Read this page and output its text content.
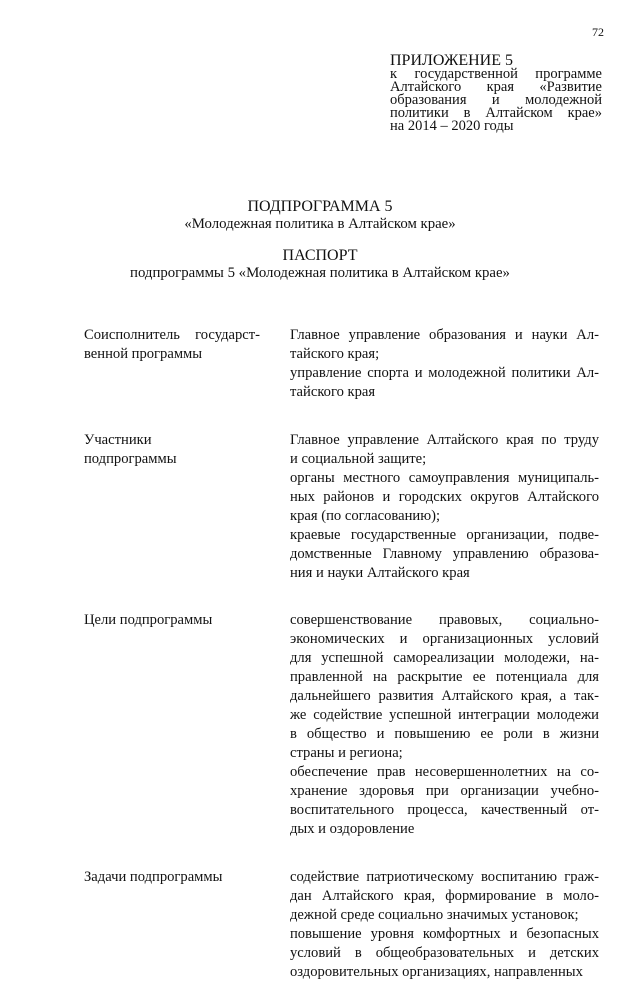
72
ПРИЛОЖЕНИЕ 5
к государственной программе
Алтайского края «Развитие
образования и молодежной
политики в Алтайском крае»
на 2014 – 2020 годы
ПОДПРОГРАММА 5
«Молодежная политика в Алтайском крае»
ПАСПОРТ
подпрограммы 5 «Молодежная политика в Алтайском крае»
Соисполнитель государст-
венной программы
Главное управление образования и науки Ал-
тайского края;
управление спорта и молодежной политики Ал-
тайского края
Участники
подпрограммы
Главное управление Алтайского края по труду
и социальной защите;
органы местного самоуправления муниципаль-
ных районов и городских округов Алтайского
края (по согласованию);
краевые государственные организации, подве-
домственные Главному управлению образова-
ния и науки Алтайского края
Цели подпрограммы	совершенствование правовых, социально-
экономических и организационных условий
для успешной самореализации молодежи, на-
правленной на раскрытие ее потенциала для
дальнейшего развития Алтайского края, а так-
же содействие успешной интеграции молодежи
в общество и повышению ее роли в жизни
страны и региона;
обеспечение прав несовершеннолетних на со-
хранение здоровья при организации учебно-
воспитательного процесса, качественный от-
дых и оздоровление
Задачи подпрограммы	содействие патриотическому воспитанию граж-
дан Алтайского края, формирование в моло-
дежной среде социально значимых установок;
повышение уровня комфортных и безопасных
условий в общеобразовательных и детских
оздоровительных организациях, направленных
